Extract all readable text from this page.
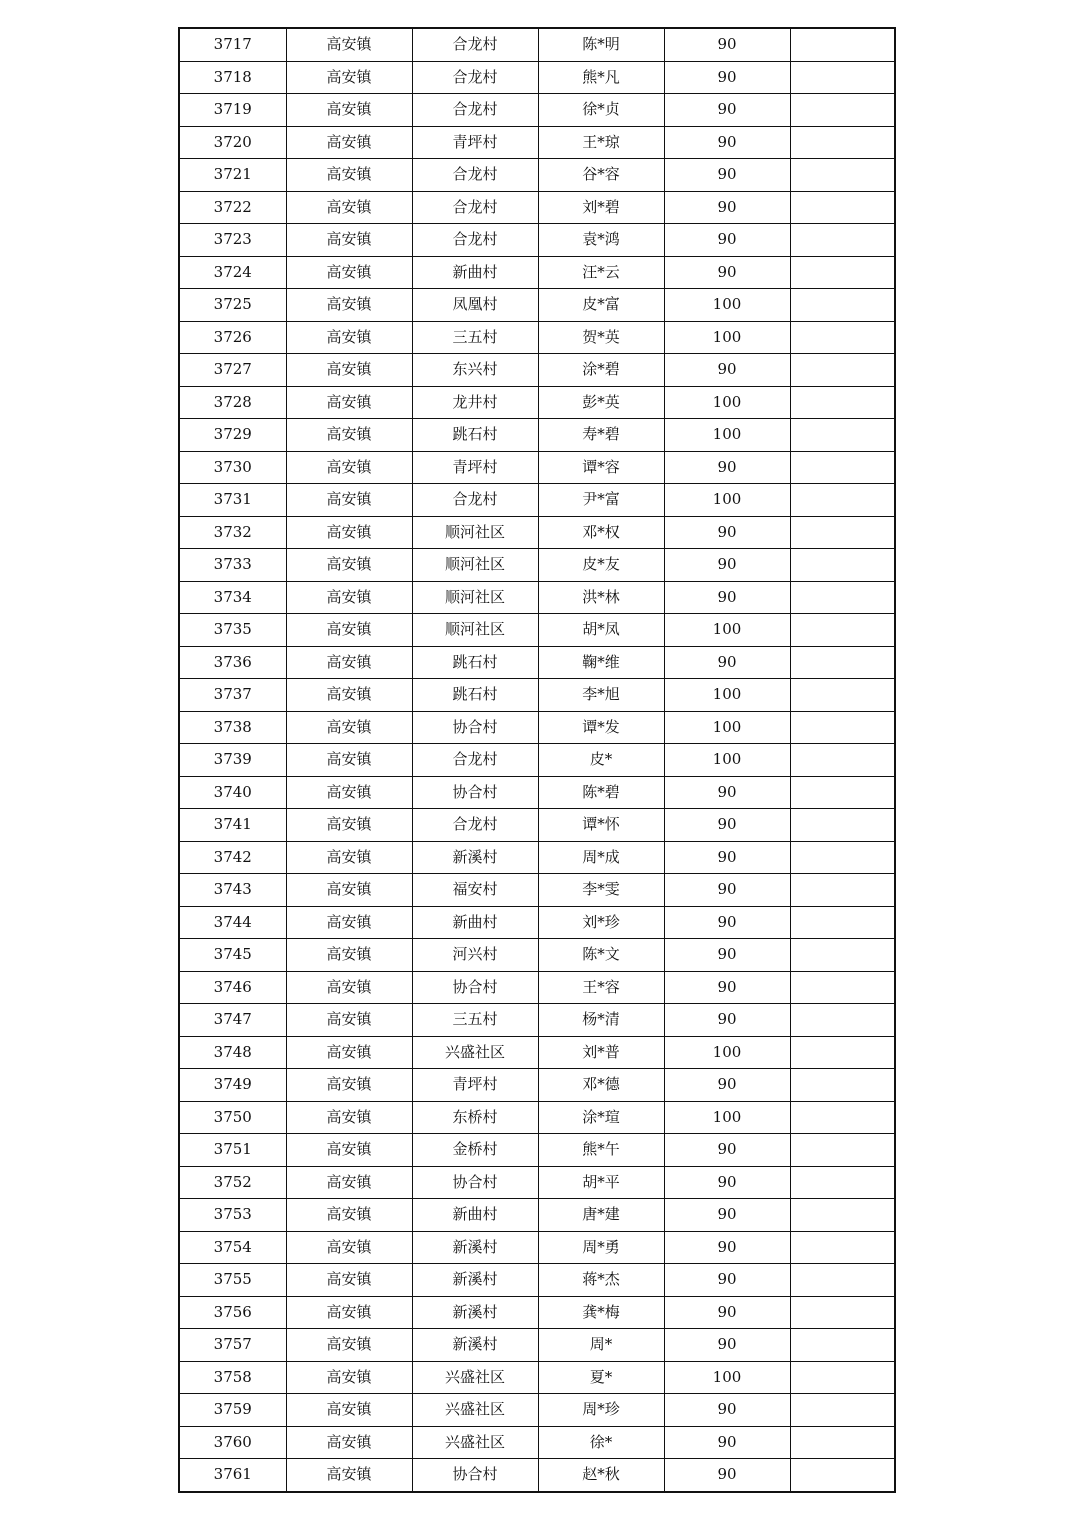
3717	高安镇	合龙村	陈*明	90	
3718	高安镇	合龙村	熊*凡	90	
3719	高安镇	合龙村	徐*贞	90	
3720	高安镇	青坪村	王*琼	90	
3721	高安镇	合龙村	谷*容	90	
3722	高安镇	合龙村	刘*碧	90	
3723	高安镇	合龙村	袁*鸿	90	
3724	高安镇	新曲村	汪*云	90	
3725	高安镇	凤凰村	皮*富	100	
3726	高安镇	三五村	贺*英	100	
3727	高安镇	东兴村	涂*碧	90	
3728	高安镇	龙井村	彭*英	100	
3729	高安镇	跳石村	寿*碧	100	
3730	高安镇	青坪村	谭*容	90	
3731	高安镇	合龙村	尹*富	100	
3732	高安镇	顺河社区	邓*权	90	
3733	高安镇	顺河社区	皮*友	90	
3734	高安镇	顺河社区	洪*林	90	
3735	高安镇	顺河社区	胡*凤	100	
3736	高安镇	跳石村	鞠*维	90	
3737	高安镇	跳石村	李*旭	100	
3738	高安镇	协合村	谭*发	100	
3739	高安镇	合龙村	皮*	100	
3740	高安镇	协合村	陈*碧	90	
3741	高安镇	合龙村	谭*怀	90	
3742	高安镇	新溪村	周*成	90	
3743	高安镇	福安村	李*雯	90	
3744	高安镇	新曲村	刘*珍	90	
3745	高安镇	河兴村	陈*文	90	
3746	高安镇	协合村	王*容	90	
3747	高安镇	三五村	杨*清	90	
3748	高安镇	兴盛社区	刘*普	100	
3749	高安镇	青坪村	邓*德	90	
3750	高安镇	东桥村	涂*瑄	100	
3751	高安镇	金桥村	熊*午	90	
3752	高安镇	协合村	胡*平	90	
3753	高安镇	新曲村	唐*建	90	
3754	高安镇	新溪村	周*勇	90	
3755	高安镇	新溪村	蒋*杰	90	
3756	高安镇	新溪村	龚*梅	90	
3757	高安镇	新溪村	周*	90	
3758	高安镇	兴盛社区	夏*	100	
3759	高安镇	兴盛社区	周*珍	90	
3760	高安镇	兴盛社区	徐*	90	
3761	高安镇	协合村	赵*秋	90	
